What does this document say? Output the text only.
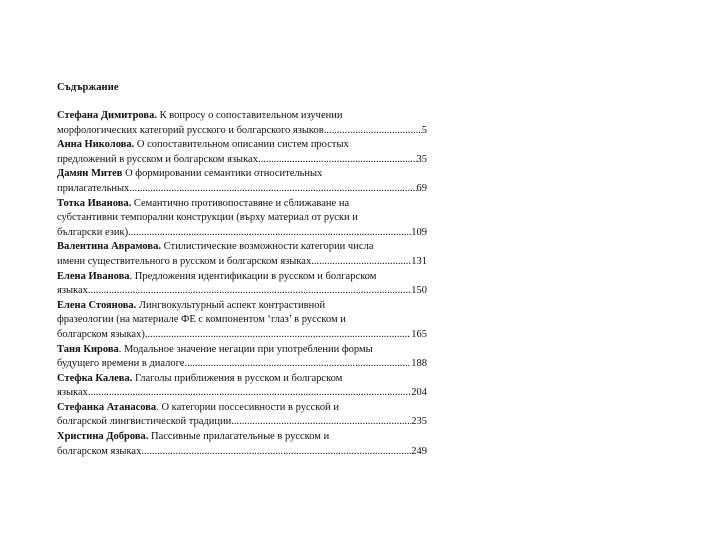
Съдържание
Стефана Димитрова. К вопросу о сопоставительном изучении
морфологических категорий русского и болгарского языков .....	5
Анна Николова. О сопоставительном описании систем простых
предложений в русском и болгарском языках .....	35
Дамян Митев О формировании семантики относительных
прилагательных .....	69
Тотка Иванова. Семантично противопоставяне и сближаване на
субстантивни темпорални конструкции (върху материал от руски и
български език) .....	109
Валентина Аврамова. Стилистические возможности категории числа
имени существительного в русском и болгарском языках .....	131
Елена Иванова. Предложения идентификации в русском и болгарском
языках .....	150
Елена Стоянова. Лингвокультурный аспект контрастивной
фразеологии (на материале ФЕ с компонентом ‘глаз’ в русском и
болгарском языках) .....	165
Таня Кирова. Модальное значение негации при употреблении формы
будущего времени в диалоге .....	188
Стефка Калева. Глаголы приближения в русском и болгарском
языках .....	204
Стефанка Атанасова. О категории поссесивности в русской и
болгарской лингвистической традиции .....	235
Христина Доброва. Пассивные прилагательные в русском и
болгарском языках .....	249
